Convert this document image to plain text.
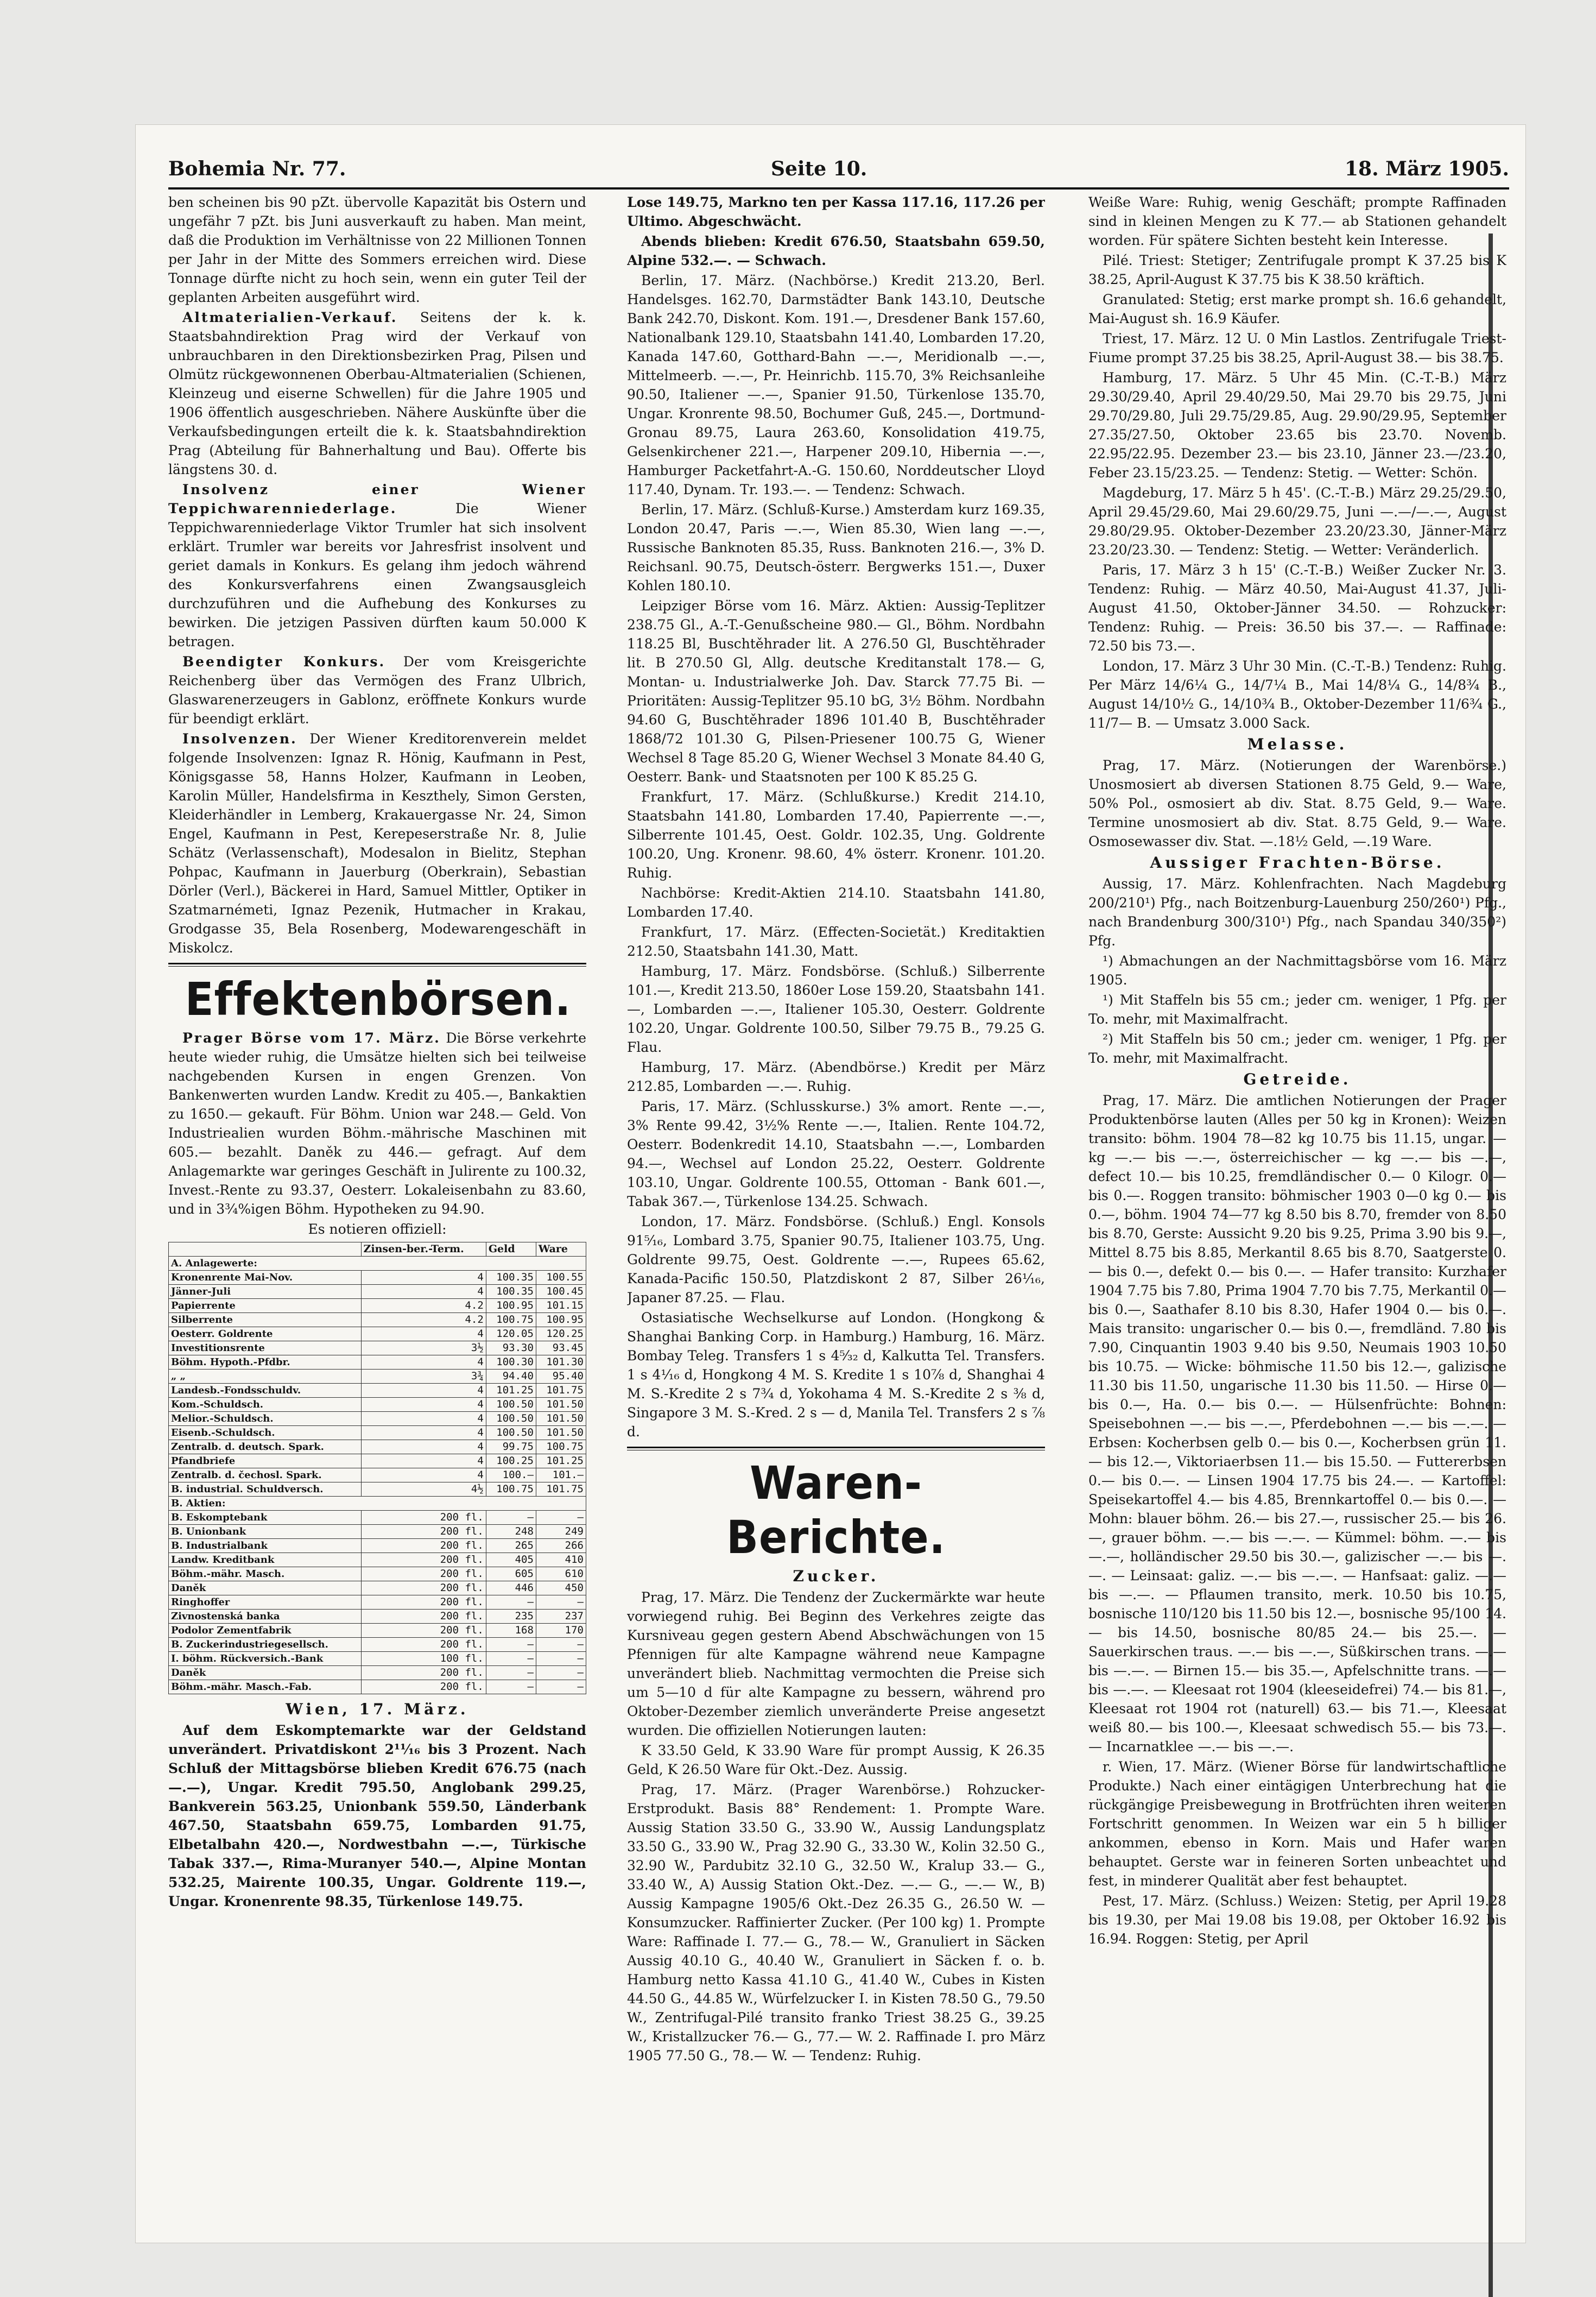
Bohemia Nr. 77.	Seite 10.	18. März 1905.

ben scheinen bis 90 pZt. übervolle Kapazität bis Ostern und ungefähr 7 pZt. bis Juni ausverkauft zu haben. Man meint, daß die Produktion im Verhältnisse von 22 Millionen Tonnen per Jahr in der Mitte des Sommers erreichen wird. Diese Tonnage dürfte nicht zu hoch sein, wenn ein guter Teil der geplanten Arbeiten ausgeführt wird.

Altmaterialien-Verkauf. Seitens der k. k. Staatsbahndirektion Prag wird der Verkauf von unbrauchbaren in den Direktionsbezirken Prag, Pilsen und Olmütz rückgewonnenen Oberbau-Altmaterialien (Schienen, Kleinzeug und eiserne Schwellen) für die Jahre 1905 und 1906 öffentlich ausgeschrieben. Nähere Auskünfte über die Verkaufsbedingungen erteilt die k. k. Staatsbahndirektion Prag (Abteilung für Bahnerhaltung und Bau). Offerte bis längstens 30. d.

Insolvenz einer Wiener Teppichwarenniederlage.	Die Wiener Teppichwarenniederlage Viktor Trumler hat sich insolvent erklärt. Trumler war bereits vor Jahresfrist insolvent und geriet damals in Konkurs. Es gelang ihm jedoch während des Konkursverfahrens einen Zwangsausgleich durchzuführen und die Aufhebung des Konkurses zu bewirken. Die jetzigen Passiven dürften kaum 50.000 K betragen.

Beendigter Konkurs. Der vom Kreisgerichte Reichenberg über das Vermögen des Franz Ulbrich, Glaswarenerzeugers in Gablonz, eröffnete Konkurs wurde für beendigt erklärt.

Insolvenzen. Der Wiener Kreditorenverein meldet folgende Insolvenzen: Ignaz R. Hönig, Kaufmann in Pest, Königsgasse 58, Hanns Holzer, Kaufmann in Leoben, Karolin Müller, Handelsfirma in Keszthely, Simon Gersten, Kleiderhändler in Lemberg, Krakauergasse Nr. 24, Simon Engel, Kaufmann in Pest, Kerepeserstraße Nr. 8, Julie Schätz (Verlassenschaft), Modesalon in Bielitz, Stephan Pohpac, Kaufmann in Jauerburg (Oberkrain), Sebastian Dörler (Verl.), Bäckerei in Hard, Samuel Mittler, Optiker in Szatmarnémeti, Ignaz Pezenik, Hutmacher in Krakau, Grodgasse 35, Bela Rosenberg, Modewarengeschäft in Miskolcz.

Effektenbörsen.

Prager Börse vom 17. März. Die Börse verkehrte heute wieder ruhig, die Umsätze hielten sich bei teilweise nachgebenden Kursen in engen Grenzen. Von Bankenwerten wurden Landw. Kredit zu 405.—, Bankaktien zu 1650.— gekauft. Für Böhm. Union war 248.— Geld. Von Industriealien wurden Böhm.-mährische Maschinen mit 605.— bezahlt. Daněk zu 446.— gefragt. Auf dem Anlagemarkte war geringes Geschäft in Julirente zu 100.32, Invest.-Rente zu 93.37, Oesterr. Lokaleisenbahn zu 83.60, und in 3¾%igen Böhm. Hypotheken zu 94.90.

Es notieren offiziell:

	Zinsen-ber.-Term.	Geld	Ware
A. Anlagewerte:			
Kronenrente Mai-Nov.	4	100.35	100.55
Jänner-Juli	4	100.35	100.45
Papierrente	4.2	100.95	101.15
Silberrente	4.2	100.75	100.95
Oesterr. Goldrente	4	120.05	120.25
Investitionsrente	3½	93.30	93.45
Böhm. Hypoth.-Pfdbr.	4	100.30	101.30
„ „	3¾	94.40	95.40
Landesb.-Fondsschuldv.	4	101.25	101.75
Kom.-Schuldsch.	4	100.50	101.50
Melior.-Schuldsch.	4	100.50	101.50
Eisenb.-Schuldsch.	4	100.50	101.50
Zentralb. d. deutsch. Spark.	4	99.75	100.75
Pfandbriefe	4	100.25	101.25
Zentralb. d. čechosl. Spark.	4	100.—	101.—
B. industrial. Schuldversch.	4½	100.75	101.75
B. Aktien:			
B. Eskomptebank	200 fl.	—	—
B. Unionbank	200 fl.	248	249
B. Industrialbank	200 fl.	265	266
Landw. Kreditbank	200 fl.	405	410
Böhm.-mähr. Masch.	200 fl.	605	610
Daněk	200 fl.	446	450
Ringhoffer	200 fl.	—	—
Zivnostenská banka	200 fl.	235	237
Podolor Zementfabrik	200 fl.	168	170
B. Zuckerindustriegesellsch.	200 fl.	—	—
I. böhm. Rückversich.-Bank	100 fl.	—	—
Daněk	200 fl.	—	—
Böhm.-mähr. Masch.-Fab.	200 fl.	—	—
Wien, 17. März.

Auf dem Eskomptemarkte war der Geldstand unverändert. Privatdiskont 2¹¹⁄₁₆ bis 3 Prozent. Nach Schluß der Mittagsbörse blieben Kredit 676.75 (nach —.—), Ungar. Kredit 795.50, Anglobank 299.25, Bankverein 563.25, Unionbank 559.50, Länderbank 467.50, Staatsbahn 659.75, Lombarden 91.75, Elbetalbahn 420.—, Nordwestbahn —.—, Türkische Tabak 337.—, Rima-Muranyer 540.—, Alpine Montan 532.25, Mairente 100.35, Ungar. Goldrente 119.—, Ungar. Kronenrente 98.35, Türkenlose 149.75.

Lose 149.75, Markno ten per Kassa 117.16, 117.26 per Ultimo. Abgeschwächt.

Abends blieben: Kredit 676.50, Staatsbahn 659.50, Alpine 532.—. — Schwach.

Berlin, 17. März. (Nachbörse.) Kredit 213.20, Berl. Handelsges. 162.70, Darmstädter Bank 143.10, Deutsche Bank 242.70, Diskont. Kom. 191.—, Dresdener Bank 157.60, Nationalbank 129.10, Staatsbahn 141.40, Lombarden 17.20, Kanada 147.60, Gotthard-Bahn —.—, Meridionalb —.—, Mittelmeerb. —.—, Pr. Heinrichb. 115.70, 3% Reichsanleihe 90.50, Italiener —.—, Spanier 91.50, Türkenlose 135.70, Ungar. Kronrente 98.50, Bochumer Guß, 245.—, Dortmund-Gronau 89.75, Laura 263.60, Konsolidation 419.75, Gelsenkirchener 221.—, Harpener 209.10, Hibernia —.—, Hamburger Packetfahrt-A.-G. 150.60, Norddeutscher Lloyd 117.40, Dynam. Tr. 193.—. — Tendenz: Schwach.

Berlin, 17. März. (Schluß-Kurse.) Amsterdam kurz 169.35, London 20.47, Paris —.—, Wien 85.30, Wien lang —.—, Russische Banknoten 85.35, Russ. Banknoten 216.—, 3% D. Reichsanl. 90.75, Deutsch-österr. Bergwerks 151.—, Duxer Kohlen 180.10.

Leipziger Börse vom 16. März. Aktien: Aussig-Teplitzer 238.75 Gl., A.-T.-Genußscheine 980.— Gl., Böhm. Nordbahn 118.25 Bl, Buschtěhrader lit. A 276.50 Gl, Buschtěhrader lit. B 270.50 Gl, Allg. deutsche Kreditanstalt 178.— G, Montan- u. Industrialwerke Joh. Dav. Starck 77.75 Bi. — Prioritäten: Aussig-Teplitzer 95.10 bG, 3½ Böhm. Nordbahn 94.60 G, Buschtěhrader 1896 101.40 B, Buschtěhrader 1868/72 101.30 G, Pilsen-Priesener 100.75 G, Wiener Wechsel 8 Tage 85.20 G, Wiener Wechsel 3 Monate 84.40 G, Oesterr. Bank- und Staatsnoten per 100 K 85.25 G.

Frankfurt, 17. März. (Schlußkurse.) Kredit 214.10, Staatsbahn 141.80, Lombarden 17.40, Papierrente —.—, Silberrente 101.45, Oest. Goldr. 102.35, Ung. Goldrente 100.20, Ung. Kronenr. 98.60, 4% österr. Kronenr. 101.20. Ruhig.

Nachbörse: Kredit-Aktien 214.10. Staatsbahn 141.80, Lombarden 17.40.

Frankfurt, 17. März. (Effecten-Societät.) Kreditaktien 212.50, Staatsbahn 141.30, Matt.

Hamburg, 17. März. Fondsbörse. (Schluß.) Silberrente 101.—, Kredit 213.50, 1860er Lose 159.20, Staatsbahn 141.—, Lombarden —.—, Italiener 105.30, Oesterr. Goldrente 102.20, Ungar. Goldrente 100.50, Silber 79.75 B., 79.25 G. Flau.

Hamburg, 17. März. (Abendbörse.) Kredit per März 212.85, Lombarden —.—. Ruhig.

Paris, 17. März. (Schlusskurse.) 3% amort. Rente —.—, 3% Rente 99.42, 3½% Rente —.—, Italien. Rente 104.72, Oesterr. Bodenkredit 14.10, Staatsbahn —.—, Lombarden 94.—, Wechsel auf London 25.22, Oesterr. Goldrente 103.10, Ungar. Goldrente 100.55, Ottoman - Bank 601.—, Tabak 367.—, Türkenlose 134.25. Schwach.

London, 17. März. Fondsbörse. (Schluß.) Engl. Konsols 91⁵⁄₁₆, Lombard 3.75, Spanier 90.75, Italiener 103.75, Ung. Goldrente 99.75, Oest. Goldrente —.—, Rupees 65.62, Kanada-Pacific 150.50, Platzdiskont 2 87, Silber 26¹⁄₁₆, Japaner 87.25. — Flau.

Ostasiatische Wechselkurse auf London. (Hongkong & Shanghai Banking Corp. in Hamburg.) Hamburg, 16. März. Bombay Teleg. Transfers 1 s 4⁵⁄₃₂ d, Kalkutta Tel. Transfers. 1 s 4¹⁄₁₆ d, Hongkong 4 M. S. Kredite 1 s 10⅞ d, Shanghai 4 M. S.-Kredite 2 s 7¾ d, Yokohama 4 M. S.-Kredite 2 s ⅜ d, Singapore 3 M. S.-Kred. 2 s — d, Manila Tel. Transfers 2 s ⅞ d.

Waren-Berichte.
Zucker.

Prag, 17. März. Die Tendenz der Zuckermärkte war heute vorwiegend ruhig. Bei Beginn des Verkehres zeigte das Kursniveau gegen gestern Abend Abschwächungen von 15 Pfennigen für alte Kampagne während neue Kampagne unverändert blieb. Nachmittag vermochten die Preise sich um 5—10 d für alte Kampagne zu bessern, während pro Oktober-Dezember ziemlich unveränderte Preise angesetzt wurden. Die offiziellen Notierungen lauten:

K 33.50 Geld, K 33.90 Ware für prompt Aussig, K 26.35 Geld, K 26.50 Ware für Okt.-Dez. Aussig.

Prag, 17. März. (Prager Warenbörse.) Rohzucker-Erstprodukt. Basis 88° Rendement: 1. Prompte Ware. Aussig Station 33.50 G., 33.90 W., Aussig Landungsplatz 33.50 G., 33.90 W., Prag 32.90 G., 33.30 W., Kolin 32.50 G., 32.90 W., Pardubitz 32.10 G., 32.50 W., Kralup 33.— G., 33.40 W., A) Aussig Station Okt.-Dez. —.— G., —.— W., B) Aussig Kampagne 1905/6 Okt.-Dez 26.35 G., 26.50 W. — Konsumzucker. Raffinierter Zucker. (Per 100 kg) 1. Prompte Ware: Raffinade I. 77.— G., 78.— W., Granuliert in Säcken Aussig 40.10 G., 40.40 W., Granuliert in Säcken f. o. b. Hamburg netto Kassa 41.10 G., 41.40 W., Cubes in Kisten 44.50 G., 44.85 W., Würfelzucker I. in Kisten 78.50 G., 79.50 W., Zentrifugal-Pilé transito franko Triest 38.25 G., 39.25 W., Kristallzucker 76.— G., 77.— W. 2. Raffinade I. pro März 1905 77.50 G., 78.— W. — Tendenz: Ruhig.

Weiße Ware: Ruhig, wenig Geschäft; prompte Raffinaden sind in kleinen Mengen zu K 77.— ab Stationen gehandelt worden. Für spätere Sichten besteht kein Interesse.

Pilé. Triest: Stetiger; Zentrifugale prompt K 37.25 bis K 38.25, April-August K 37.75 bis K 38.50 kräftich.

Granulated: Stetig; erst marke prompt sh. 16.6 gehandelt, Mai-August sh. 16.9 Käufer.

Triest, 17. März. 12 U. 0 Min Lastlos. Zentrifugale Triest-Fiume prompt 37.25 bis 38.25, April-August 38.— bis 38.75.

Hamburg, 17. März. 5 Uhr 45 Min. (C.-T.-B.) März 29.30/29.40, April 29.40/29.50, Mai 29.70 bis 29.75, Juni 29.70/29.80, Juli 29.75/29.85, Aug. 29.90/29.95, September 27.35/27.50, Oktober 23.65 bis 23.70. Novemb. 22.95/22.95. Dezember 23.— bis 23.10, Jänner 23.—/23.20, Feber 23.15/23.25. — Tendenz: Stetig. — Wetter: Schön.

Magdeburg, 17. März 5 h 45'. (C.-T.-B.) März 29.25/29.50, April 29.45/29.60, Mai 29.60/29.75, Juni —.—/—.—, August 29.80/29.95. Oktober-Dezember 23.20/23.30, Jänner-März 23.20/23.30. — Tendenz: Stetig. — Wetter: Veränderlich.

Paris, 17. März 3 h 15' (C.-T.-B.) Weißer Zucker Nr. 3. Tendenz: Ruhig. — März 40.50, Mai-August 41.37, Juli-August 41.50, Oktober-Jänner 34.50. — Rohzucker: Tendenz: Ruhig. — Preis: 36.50 bis 37.—. — Raffinade: 72.50 bis 73.—.

London, 17. März 3 Uhr 30 Min. (C.-T.-B.) Tendenz: Ruhig. Per März 14/6¼ G., 14/7¼ B., Mai 14/8¼ G., 14/8¾ B., August 14/10½ G., 14/10¾ B., Oktober-Dezember 11/6¾ G., 11/7— B. — Umsatz 3.000 Sack.

Melasse.

Prag, 17. März. (Notierungen der Warenbörse.) Unosmosiert ab diversen Stationen 8.75 Geld, 9.— Ware, 50% Pol., osmosiert ab div. Stat. 8.75 Geld, 9.— Ware. Termine unosmosiert ab div. Stat. 8.75 Geld, 9.— Ware. Osmosewasser div. Stat. —.18½ Geld, —.19 Ware.

Aussiger Frachten-Börse.

Aussig, 17. März. Kohlenfrachten. Nach Magdeburg 200/210¹) Pfg., nach Boitzenburg-Lauenburg 250/260¹) Pfg., nach Brandenburg 300/310¹) Pfg., nach Spandau 340/350²) Pfg.

¹) Abmachungen an der Nachmittagsbörse vom 16. März 1905.

¹) Mit Staffeln bis 55 cm.; jeder cm. weniger, 1 Pfg. per To. mehr, mit Maximalfracht.

²) Mit Staffeln bis 50 cm.; jeder cm. weniger, 1 Pfg. per To. mehr, mit Maximalfracht.

Getreide.

Prag, 17. März. Die amtlichen Notierungen der Prager Produktenbörse lauten (Alles per 50 kg in Kronen): Weizen transito: böhm. 1904 78—82 kg 10.75 bis 11.15, ungar. — kg —.— bis —.—, österreichischer — kg —.— bis —.—, defect 10.— bis 10.25, fremdländischer 0.— 0 Kilogr. 0.— bis 0.—. Roggen transito: böhmischer 1903 0—0 kg 0.— bis 0.—, böhm. 1904 74—77 kg 8.50 bis 8.70, fremder von 8.50 bis 8.70, Gerste: Aussicht 9.20 bis 9.25, Prima 3.90 bis 9.—, Mittel 8.75 bis 8.85, Merkantil 8.65 bis 8.70, Saatgerste 0.— bis 0.—, defekt 0.— bis 0.—. — Hafer transito: Kurzhafer 1904 7.75 bis 7.80, Prima 1904 7.70 bis 7.75, Merkantil 0.— bis 0.—, Saathafer 8.10 bis 8.30, Hafer 1904 0.— bis 0.—. Mais transito: ungarischer 0.— bis 0.—, fremdländ. 7.80 bis 7.90, Cinquantin 1903 9.40 bis 9.50, Neumais 1903 10.50 bis 10.75. — Wicke: böhmische 11.50 bis 12.—, galizische 11.30 bis 11.50, ungarische 11.30 bis 11.50. — Hirse 0.— bis 0.—, Ha. 0.— bis 0.—. — Hülsenfrüchte: Bohnen: Speisebohnen —.— bis —.—, Pferdebohnen —.— bis —.—. — Erbsen: Kocherbsen gelb 0.— bis 0.—, Kocherbsen grün 11.— bis 12.—, Viktoriaerbsen 11.— bis 15.50. — Futtererbsen 0.— bis 0.—. — Linsen 1904 17.75 bis 24.—. — Kartoffel: Speisekartoffel 4.— bis 4.85, Brennkartoffel 0.— bis 0.—. — Mohn: blauer böhm. 26.— bis 27.—, russischer 25.— bis 26.—, grauer böhm. —.— bis —.—. — Kümmel: böhm. —.— bis —.—, holländischer 29.50 bis 30.—, galizischer —.— bis —.—. — Leinsaat: galiz. —.— bis —.—. — Hanfsaat: galiz. —.— bis —.—. — Pflaumen transito, merk. 10.50 bis 10.75, bosnische 110/120 bis 11.50 bis 12.—, bosnische 95/100 14.— bis 14.50, bosnische 80/85 24.— bis 25.—. — Sauerkirschen traus. —.— bis —.—, Süßkirschen trans. —.— bis —.—. — Birnen 15.— bis 35.—, Apfelschnitte trans. —.— bis —.—. — Kleesaat rot 1904 (kleeseidefrei) 74.— bis 81.—, Kleesaat rot 1904 rot (naturell) 63.— bis 71.—, Kleesaat weiß 80.— bis 100.—, Kleesaat schwedisch 55.— bis 73.—. — Incarnatklee —.— bis —.—.

r. Wien, 17. März. (Wiener Börse für landwirtschaftliche Produkte.) Nach einer eintägigen Unterbrechung hat die rückgängige Preisbewegung in Brotfrüchten ihren weiteren Fortschritt genommen. In Weizen war ein 5 h billiger ankommen, ebenso in Korn. Mais und Hafer waren behauptet. Gerste war in feineren Sorten unbeachtet und fest, in minderer Qualität aber fest behauptet.

Pest, 17. März. (Schluss.) Weizen: Stetig, per April 19.28 bis 19.30, per Mai 19.08 bis 19.08, per Oktober 16.92 bis 16.94. Roggen: Stetig, per April
